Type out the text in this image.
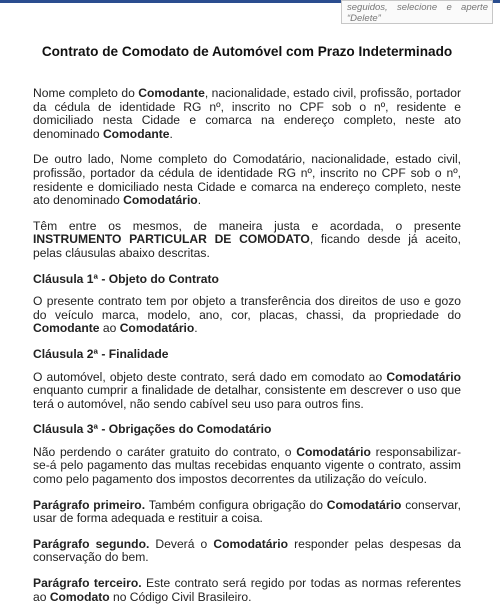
seguidos, selecione e aperte
“Delete”
Contrato de Comodato de Automóvel com Prazo Indeterminado

Nome completo do Comodante, nacionalidade, estado civil, profissão, portador da cédula de identidade RG nº, inscrito no CPF sob o nº, residente e domiciliado nesta Cidade e comarca na endereço completo, neste ato denominado Comodante.

De outro lado, Nome completo do Comodatário, nacionalidade, estado civil, profissão, portador da cédula de identidade RG nº, inscrito no CPF sob o nº, residente e domiciliado nesta Cidade e comarca na endereço completo, neste ato denominado Comodatário.

Têm entre os mesmos, de maneira justa e acordada, o presente INSTRUMENTO PARTICULAR DE COMODATO, ficando desde já aceito, pelas cláusulas abaixo descritas.

Cláusula 1ª - Objeto do Contrato

O presente contrato tem por objeto a transferência dos direitos de uso e gozo do veículo marca, modelo, ano, cor, placas, chassi, da propriedade do Comodante ao Comodatário.

Cláusula 2ª - Finalidade

O automóvel, objeto deste contrato, será dado em comodato ao Comodatário enquanto cumprir a finalidade de detalhar, consistente em descrever o uso que terá o automóvel, não sendo cabível seu uso para outros fins.

Cláusula 3ª - Obrigações do Comodatário

Não perdendo o caráter gratuito do contrato, o Comodatário responsabilizar-se-á pelo pagamento das multas recebidas enquanto vigente o contrato, assim como pelo pagamento dos impostos decorrentes da utilização do veículo.

Parágrafo primeiro. Também configura obrigação do Comodatário conservar, usar de forma adequada e restituir a coisa.

Parágrafo segundo. Deverá o Comodatário responder pelas despesas da conservação do bem.

Parágrafo terceiro. Este contrato será regido por todas as normas referentes ao Comodato no Código Civil Brasileiro.
